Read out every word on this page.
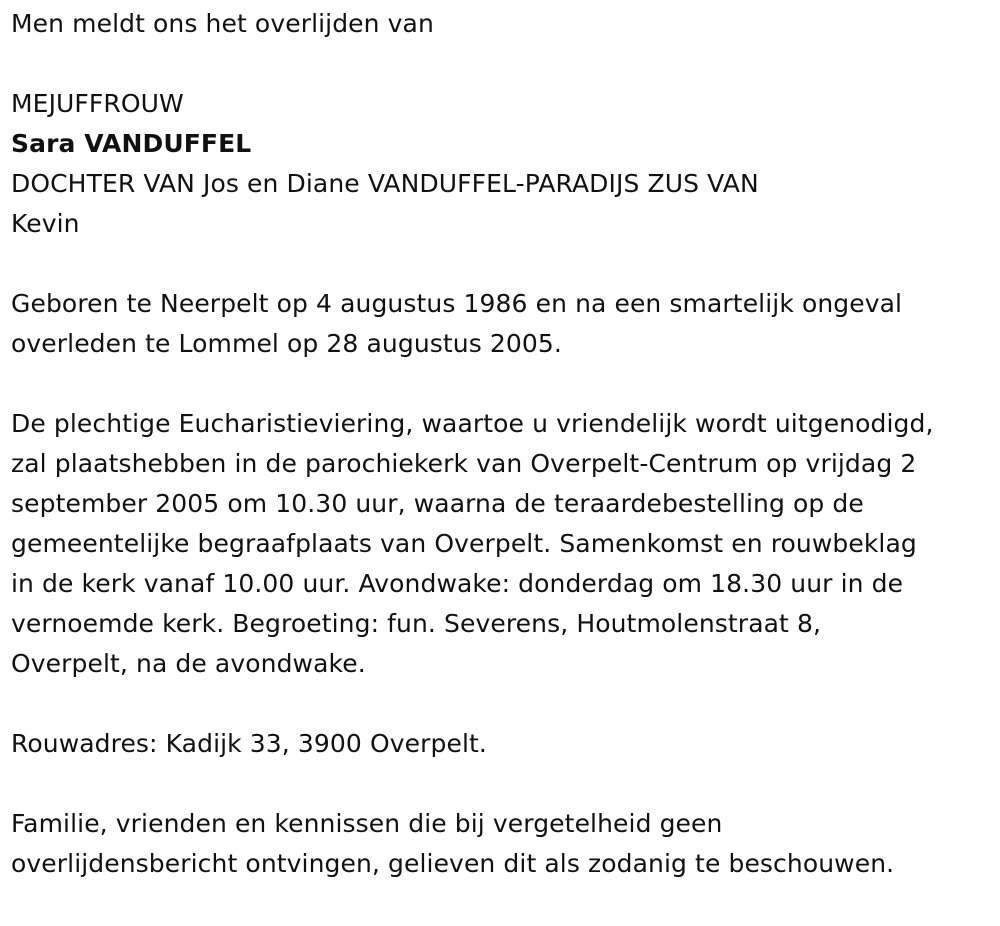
Men meldt ons het overlijden van

MEJUFFROUW

Sara VANDUFFEL

DOCHTER VAN Jos en Diane VANDUFFEL-PARADIJS ZUS VAN

Kevin

Geboren te Neerpelt op 4 augustus 1986 en na een smartelijk ongeval

overleden te Lommel op 28 augustus 2005.

De plechtige Eucharistieviering, waartoe u vriendelijk wordt uitgenodigd,

zal plaatshebben in de parochiekerk van Overpelt-Centrum op vrijdag 2

september 2005 om 10.30 uur, waarna de teraardebestelling op de

gemeentelijke begraafplaats van Overpelt. Samenkomst en rouwbeklag

in de kerk vanaf 10.00 uur. Avondwake: donderdag om 18.30 uur in de

vernoemde kerk. Begroeting: fun. Severens, Houtmolenstraat 8,

Overpelt, na de avondwake.

Rouwadres: Kadijk 33, 3900 Overpelt.

Familie, vrienden en kennissen die bij vergetelheid geen

overlijdensbericht ontvingen, gelieven dit als zodanig te beschouwen.
